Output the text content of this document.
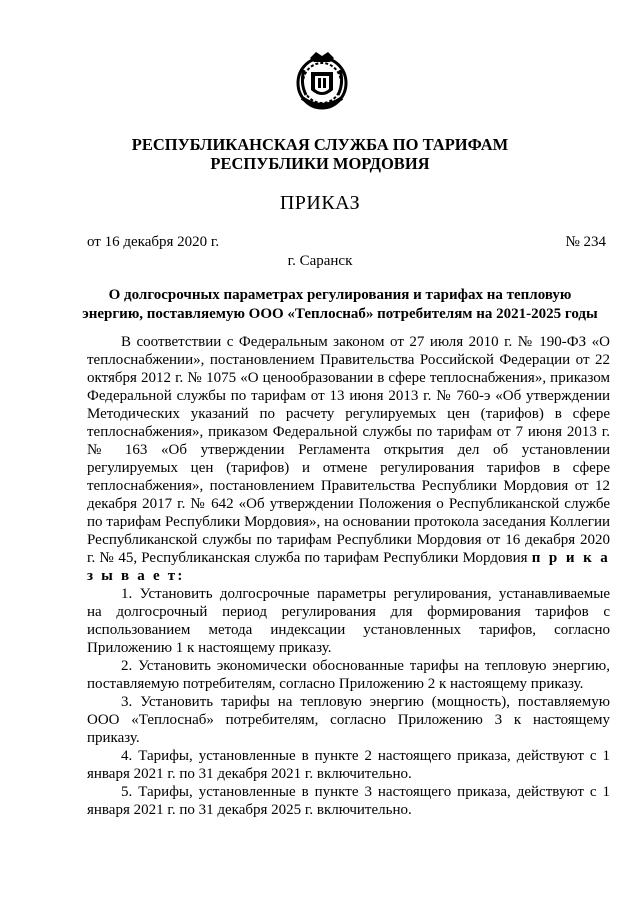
РЕСПУБЛИКАНСКАЯ СЛУЖБА ПО ТАРИФАМ
РЕСПУБЛИКИ МОРДОВИЯ
ПРИКАЗ
от 16 декабря 2020 г.	№ 234
г. Саранск
О долгосрочных параметрах регулирования и тарифах на тепловую
энергию, поставляемую ООО «Теплоснаб» потребителям на 2021-2025 годы

В соответствии с Федеральным законом от 27 июля 2010 г. № 190-ФЗ «О теплоснабжении», постановлением Правительства Российской Федерации от 22 октября 2012 г. № 1075 «О ценообразовании в сфере теплоснабжения», приказом Федеральной службы по тарифам от 13 июня 2013 г. № 760-э «Об утверждении Методических указаний по расчету регулируемых цен (тарифов) в сфере теплоснабжения», приказом Федеральной службы по тарифам от 7 июня 2013 г. № 163 «Об утверждении Регламента открытия дел об установлении регулируемых цен (тарифов) и отмене регулирования тарифов в сфере теплоснабжения», постановлением Правительства Республики Мордовия от 12 декабря 2017 г. № 642 «Об утверждении Положения о Республиканской службе по тарифам Республики Мордовия», на основании протокола заседания Коллегии Республиканской службы по тарифам Республики Мордовия от 16 декабря 2020 г. № 45, Республиканская служба по тарифам Республики Мордовия п р и к а з ы в а е т:

1. Установить долгосрочные параметры регулирования, устанавливаемые на долгосрочный период регулирования для формирования тарифов с использованием метода индексации установленных тарифов, согласно Приложению 1 к настоящему приказу.

2. Установить экономически обоснованные тарифы на тепловую энергию, поставляемую потребителям, согласно Приложению 2 к настоящему приказу.

3. Установить тарифы на тепловую энергию (мощность), поставляемую ООО «Теплоснаб» потребителям, согласно Приложению 3 к настоящему приказу.

4. Тарифы, установленные в пункте 2 настоящего приказа, действуют с 1 января 2021 г. по 31 декабря 2021 г. включительно.

5. Тарифы, установленные в пункте 3 настоящего приказа, действуют с 1 января 2021 г. по 31 декабря 2025 г. включительно.
